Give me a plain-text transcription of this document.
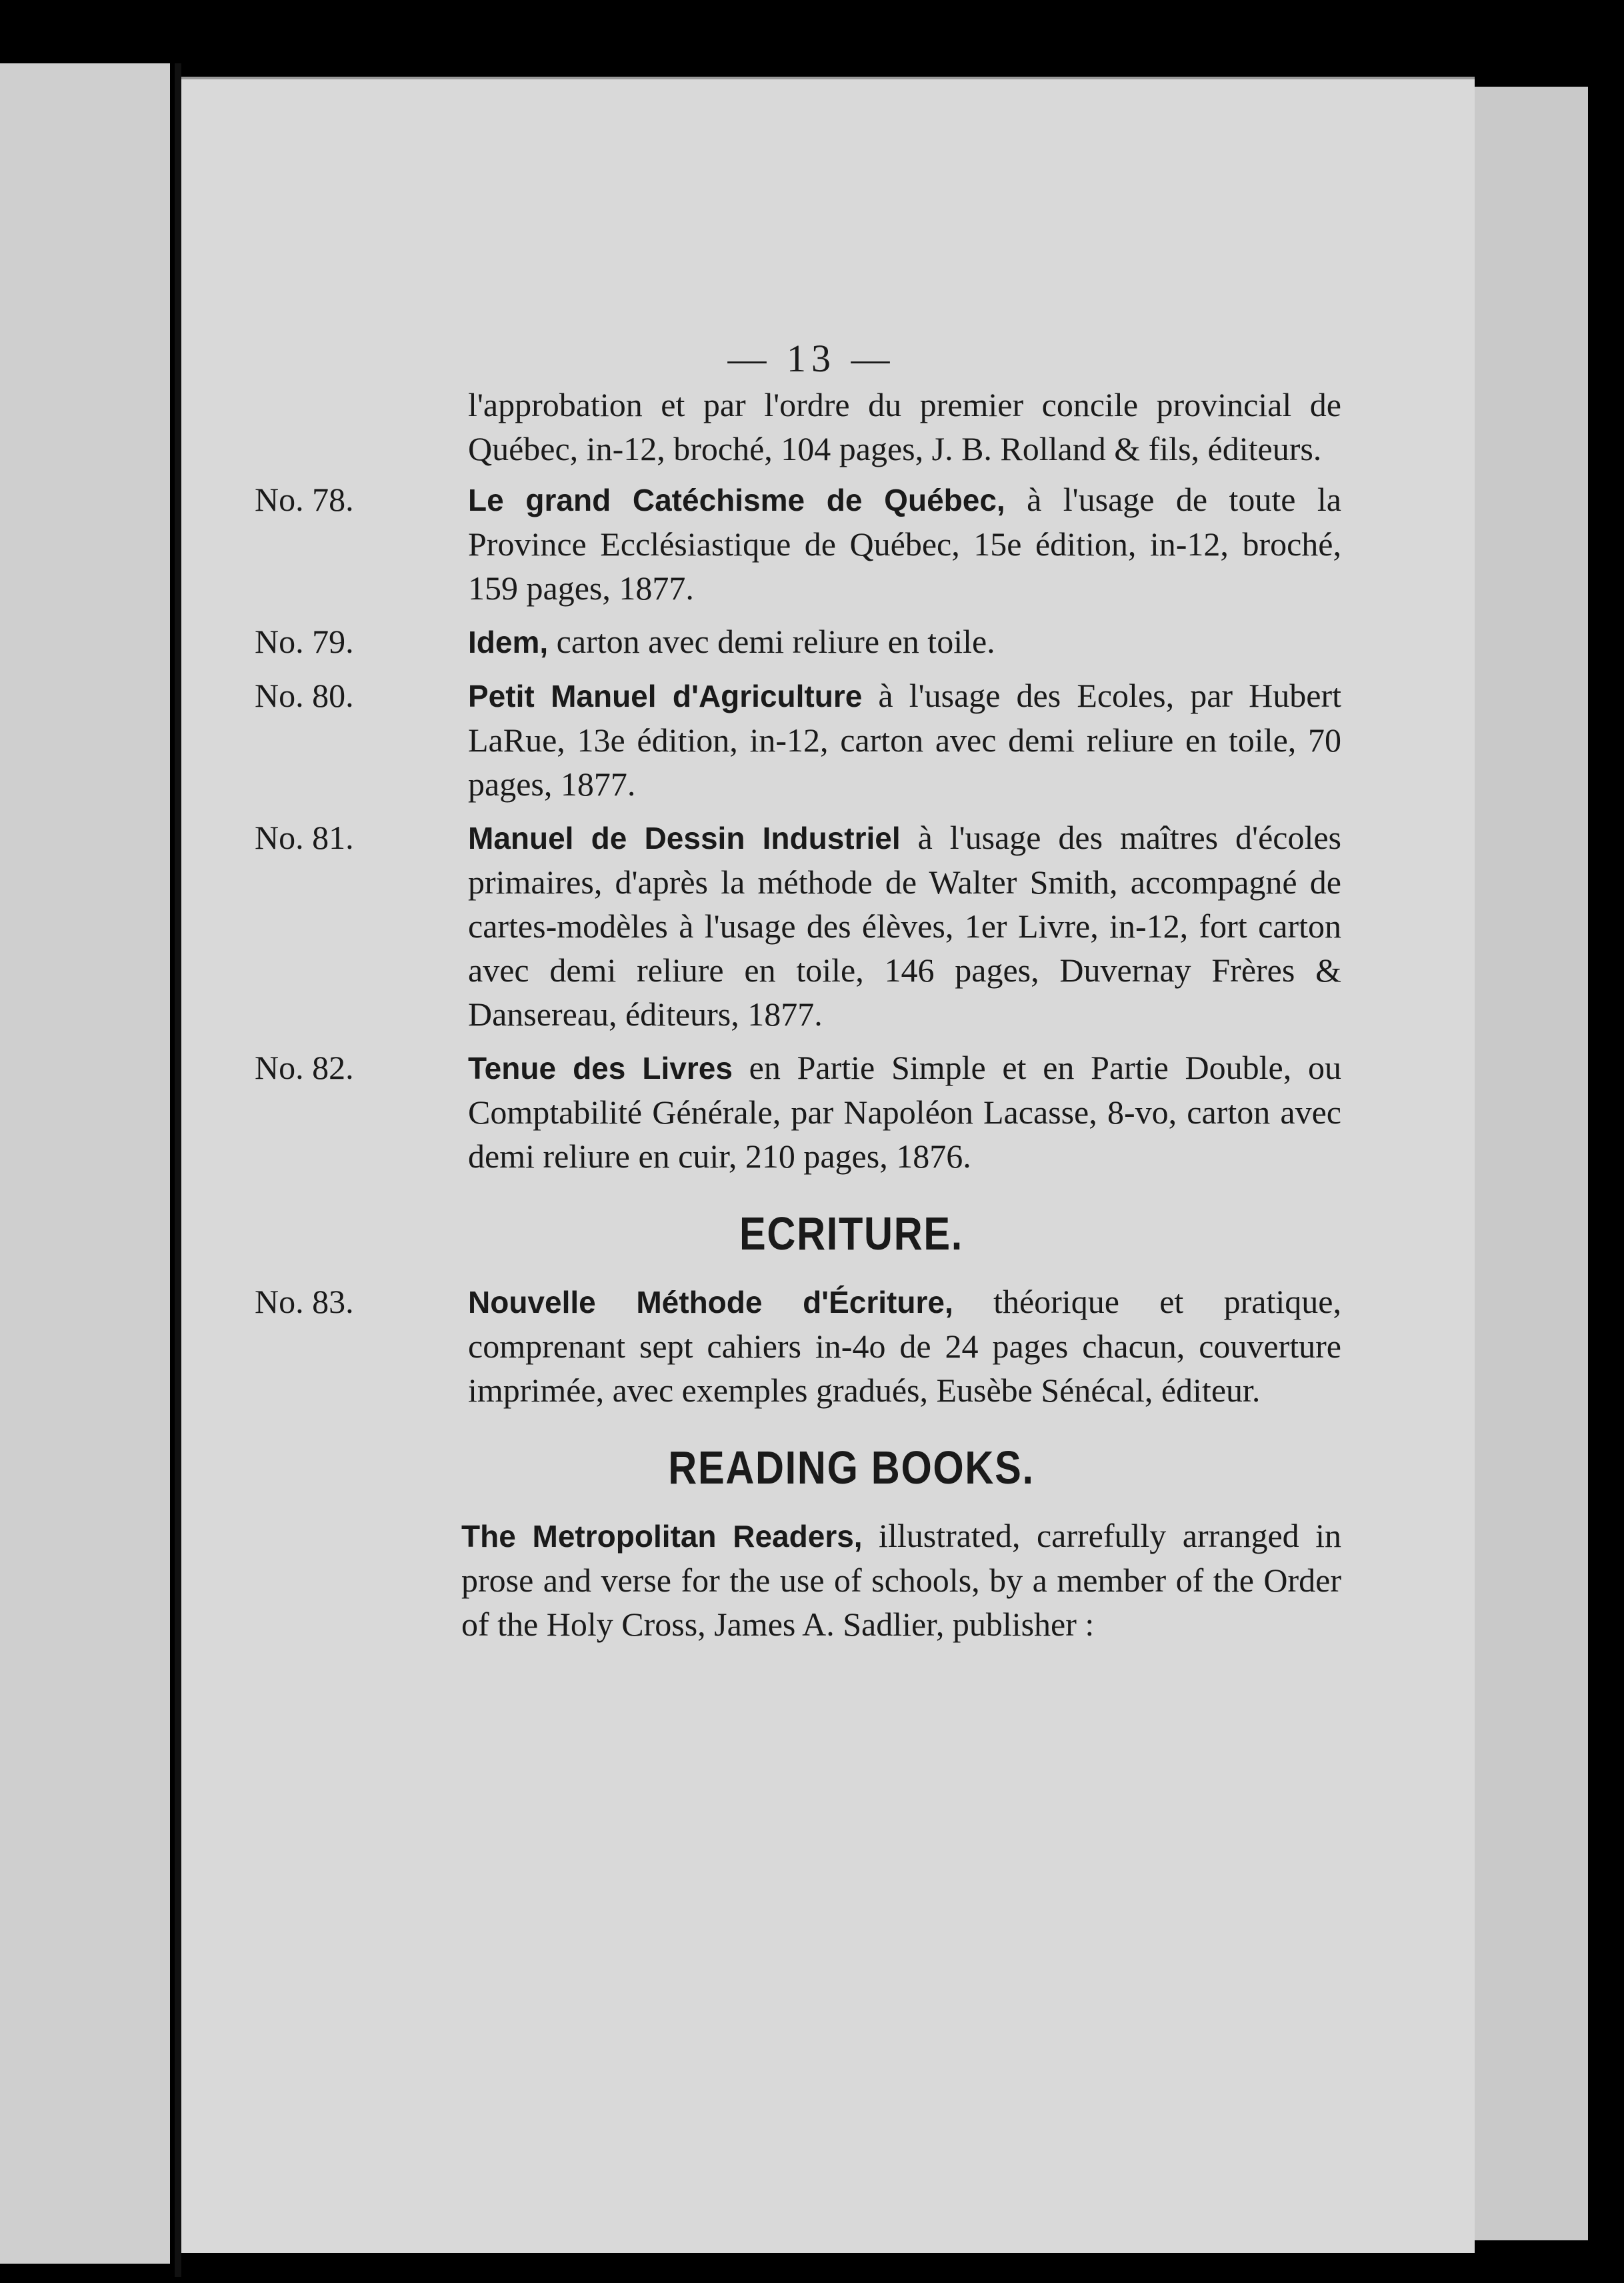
— 13 —
l'approbation et par l'ordre du premier concile provincial de Québec, in-12, broché, 104 pages, J. B. Rolland & fils, éditeurs.
No. 78.	Le grand Catéchisme de Québec, à l'usage de toute la Province Ecclésiastique de Québec, 15e édition, in-12, broché, 159 pages, 1877.
No. 79.	Idem, carton avec demi reliure en toile.
No. 80.	Petit Manuel d'Agriculture à l'usage des Ecoles, par Hubert LaRue, 13e édition, in-12, carton avec demi reliure en toile, 70 pages, 1877.
No. 81.	Manuel de Dessin Industriel à l'usage des maîtres d'écoles primaires, d'après la méthode de Walter Smith, accompagné de cartes-modèles à l'usage des élèves, 1er Livre, in-12, fort carton avec demi reliure en toile, 146 pages, Duvernay Frères & Dansereau, éditeurs, 1877.
No. 82.	Tenue des Livres en Partie Simple et en Partie Double, ou Comptabilité Générale, par Napoléon Lacasse, 8-vo, carton avec demi reliure en cuir, 210 pages, 1876.
ECRITURE.
No. 83.	Nouvelle Méthode d'Écriture, théorique et pratique, comprenant sept cahiers in-4o de 24 pages chacun, couverture imprimée, avec exemples gradués, Eusèbe Sénécal, éditeur.
READING BOOKS.
The Metropolitan Readers, illustrated, carrefully arranged in prose and verse for the use of schools, by a member of the Order of the Holy Cross, James A. Sadlier, publisher :
